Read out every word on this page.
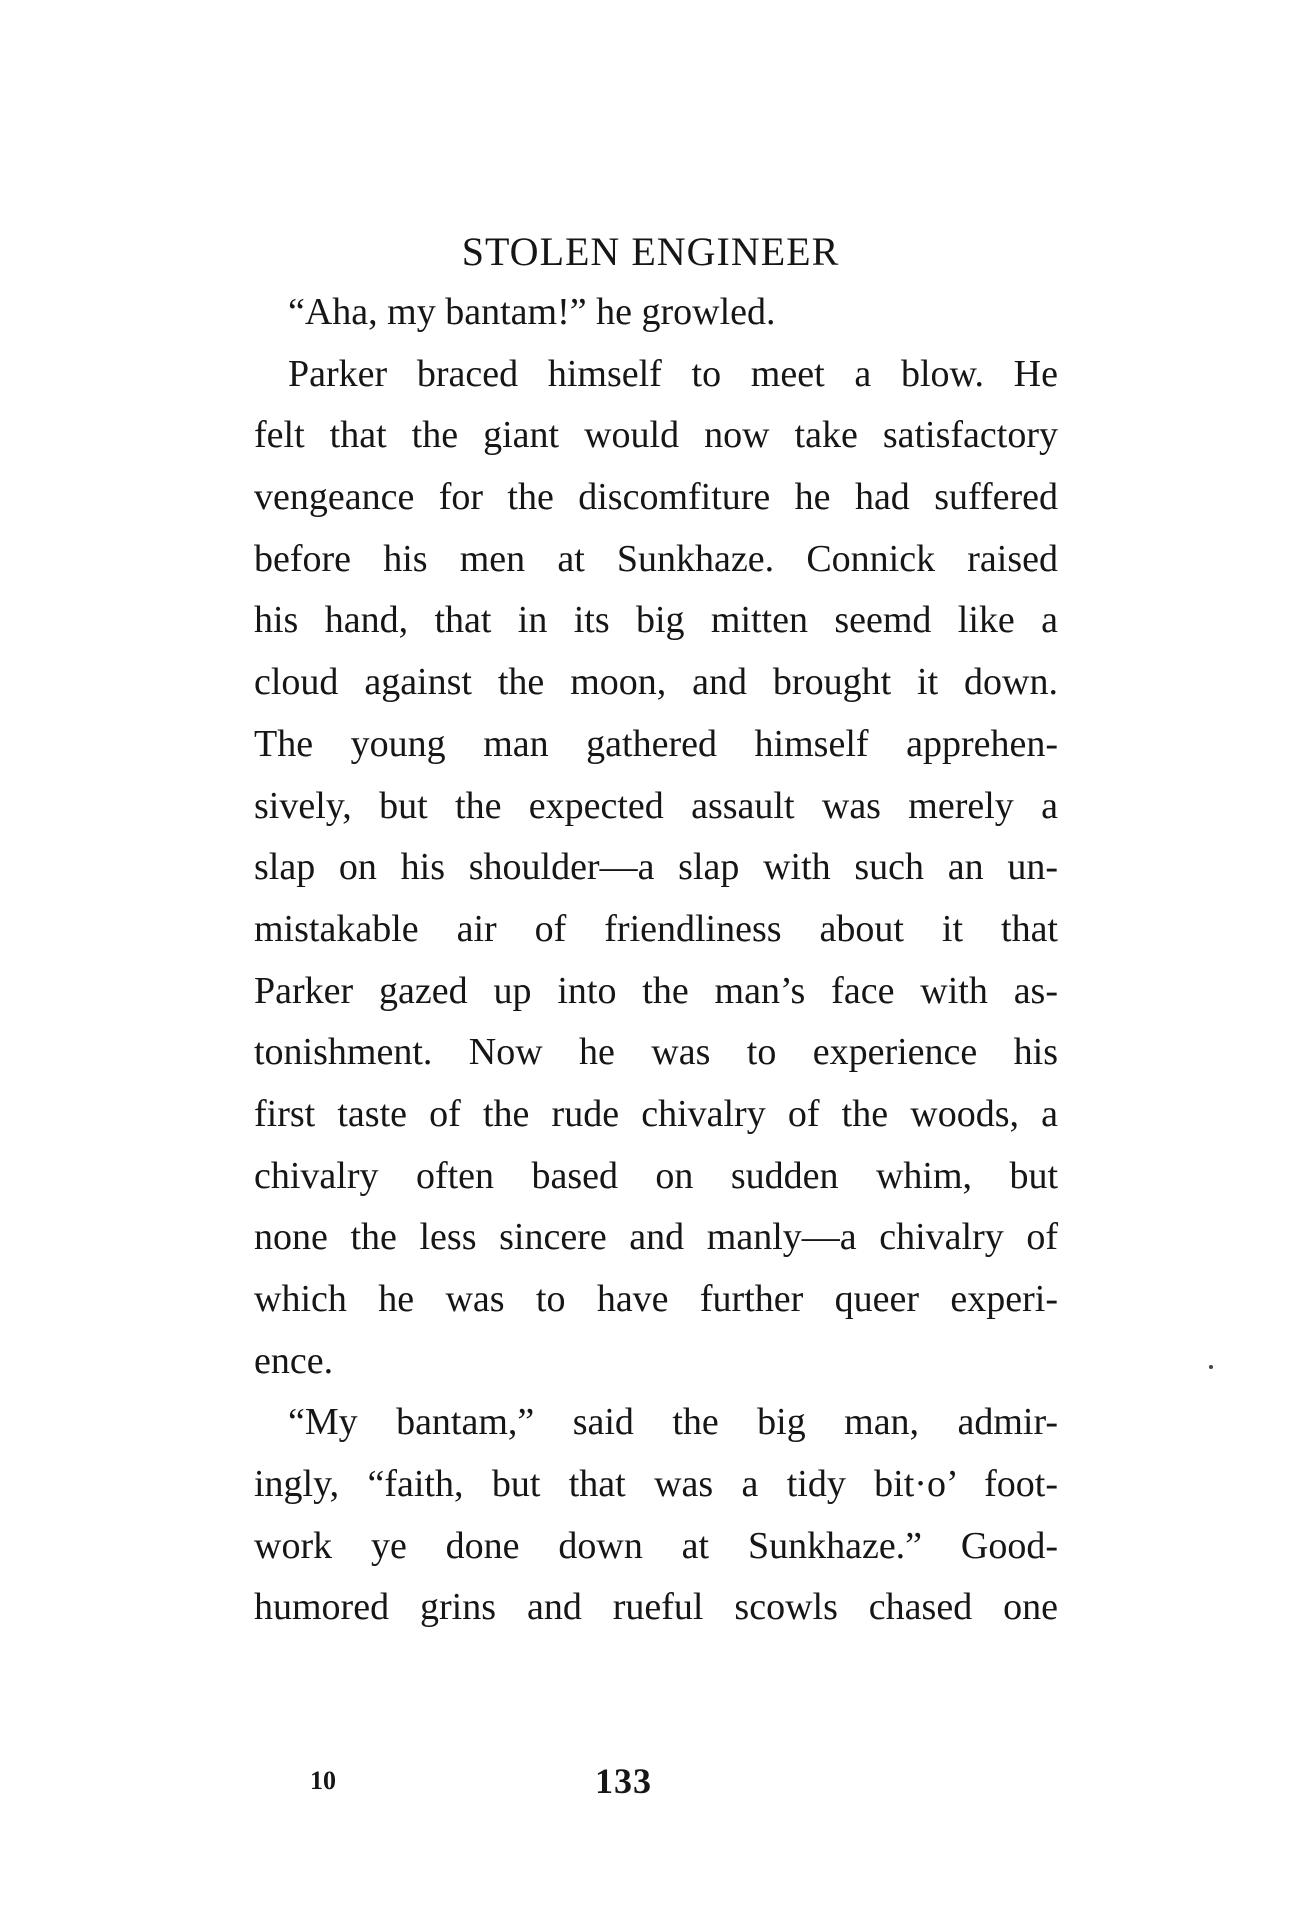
STOLEN ENGINEER
“Aha, my bantam!” he growled.
Parker braced himself to meet a blow. He
felt that the giant would now take satisfactory
vengeance for the discomfiture he had suffered
before his men at Sunkhaze. Connick raised
his hand, that in its big mitten seemd like a
cloud against the moon, and brought it down.
The young man gathered himself apprehen-
sively, but the expected assault was merely a
slap on his shoulder—a slap with such an un-
mistakable air of friendliness about it that
Parker gazed up into the man’s face with as-
tonishment. Now he was to experience his
first taste of the rude chivalry of the woods, a
chivalry often based on sudden whim, but
none the less sincere and manly—a chivalry of
which he was to have further queer experi-
ence.
“My bantam,” said the big man, admir-
ingly, “faith, but that was a tidy bit·o’ foot-
work ye done down at Sunkhaze.” Good-
humored grins and rueful scowls chased one
10	133
